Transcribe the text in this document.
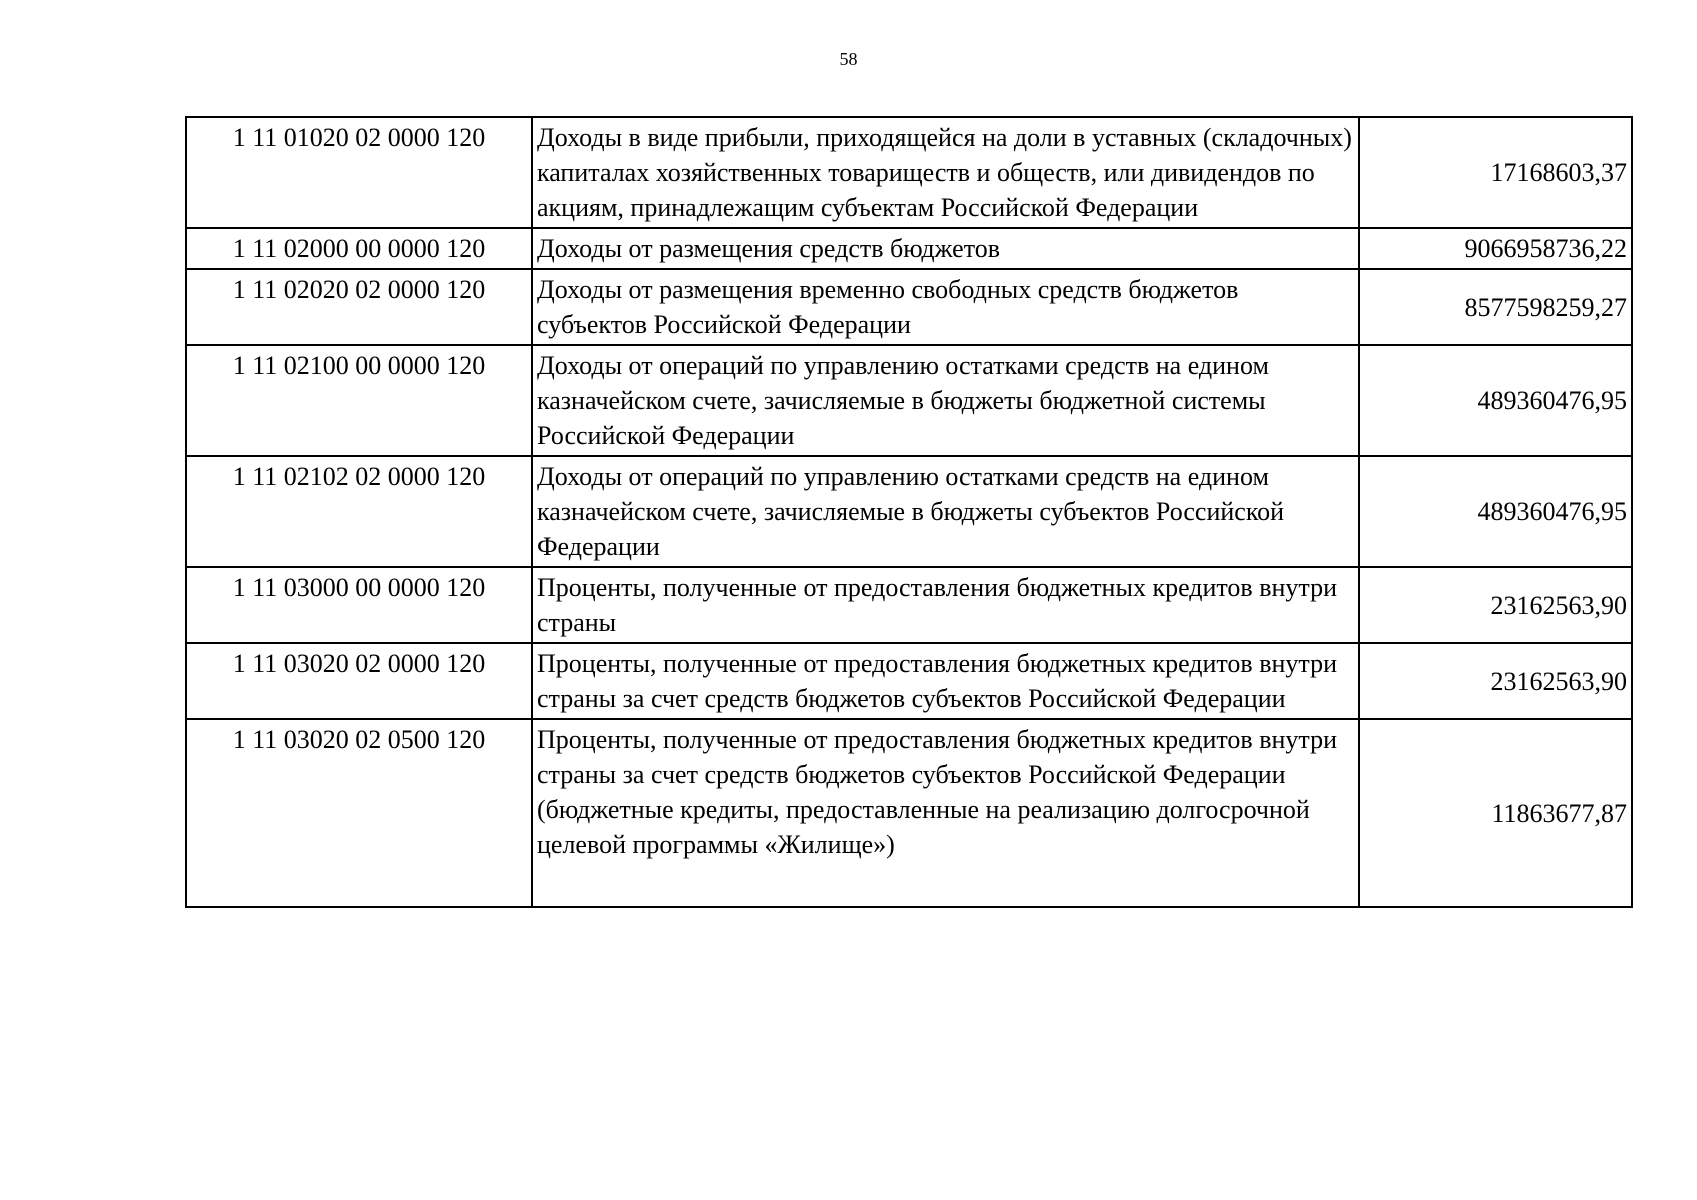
58
1 11 01020 02 0000 120	Доходы в виде прибыли, приходящейся на доли в уставных (складочных) капиталах хозяйственных товариществ и обществ, или дивидендов по акциям, принадлежащим субъектам Российской Федерации	17168603,37
1 11 02000 00 0000 120	Доходы от размещения средств бюджетов	9066958736,22
1 11 02020 02 0000 120	Доходы от размещения временно свободных средств бюджетов субъектов Российской Федерации	8577598259,27
1 11 02100 00 0000 120	Доходы от операций по управлению остатками средств на едином казначейском счете, зачисляемые в бюджеты бюджетной системы Российской Федерации	489360476,95
1 11 02102 02 0000 120	Доходы от операций по управлению остатками средств на едином казначейском счете, зачисляемые в бюджеты субъектов Российской Федерации	489360476,95
1 11 03000 00 0000 120	Проценты, полученные от предоставления бюджетных кредитов внутри страны	23162563,90
1 11 03020 02 0000 120	Проценты, полученные от предоставления бюджетных кредитов внутри страны за счет средств бюджетов субъектов Российской Федерации	23162563,90
1 11 03020 02 0500 120	Проценты, полученные от предоставления бюджетных кредитов внутри страны за счет средств бюджетов субъектов Российской Федерации (бюджетные кредиты, предоставленные на реализацию долгосрочной целевой программы «Жилище»)	11863677,87
